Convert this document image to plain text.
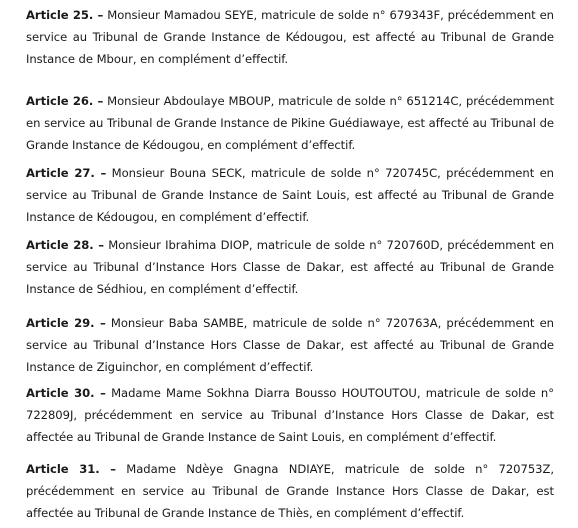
Article 25. – Monsieur Mamadou SEYE, matricule de solde n° 679343F, précédemment en service au Tribunal de Grande Instance de Kédougou, est affecté au Tribunal de Grande Instance de Mbour, en complément d’effectif.

Article 26. – Monsieur Abdoulaye MBOUP, matricule de solde n° 651214C, précédemment en service au Tribunal de Grande Instance de Pikine Guédiawaye, est affecté au Tribunal de Grande Instance de Kédougou, en complément d’effectif.

Article 27. – Monsieur Bouna SECK, matricule de solde n° 720745C, précédemment en service au Tribunal de Grande Instance de Saint Louis, est affecté au Tribunal de Grande Instance de Kédougou, en complément d’effectif.

Article 28. – Monsieur Ibrahima DIOP, matricule de solde n° 720760D, précédemment en service au Tribunal d’Instance Hors Classe de Dakar, est affecté au Tribunal de Grande Instance de Sédhiou, en complément d’effectif.

Article 29. – Monsieur Baba SAMBE, matricule de solde n° 720763A, précédemment en service au Tribunal d’Instance Hors Classe de Dakar, est affecté au Tribunal de Grande Instance de Ziguinchor, en complément d’effectif.

Article 30. – Madame Mame Sokhna Diarra Bousso HOUTOUTOU, matricule de solde n° 722809J, précédemment en service au Tribunal d’Instance Hors Classe de Dakar, est affectée au Tribunal de Grande Instance de Saint Louis, en complément d’effectif.

Article 31. – Madame Ndèye Gnagna NDIAYE, matricule de solde n° 720753Z, précédemment en service au Tribunal de Grande Instance Hors Classe de Dakar, est affectée au Tribunal de Grande Instance de Thiès, en complément d’effectif.
